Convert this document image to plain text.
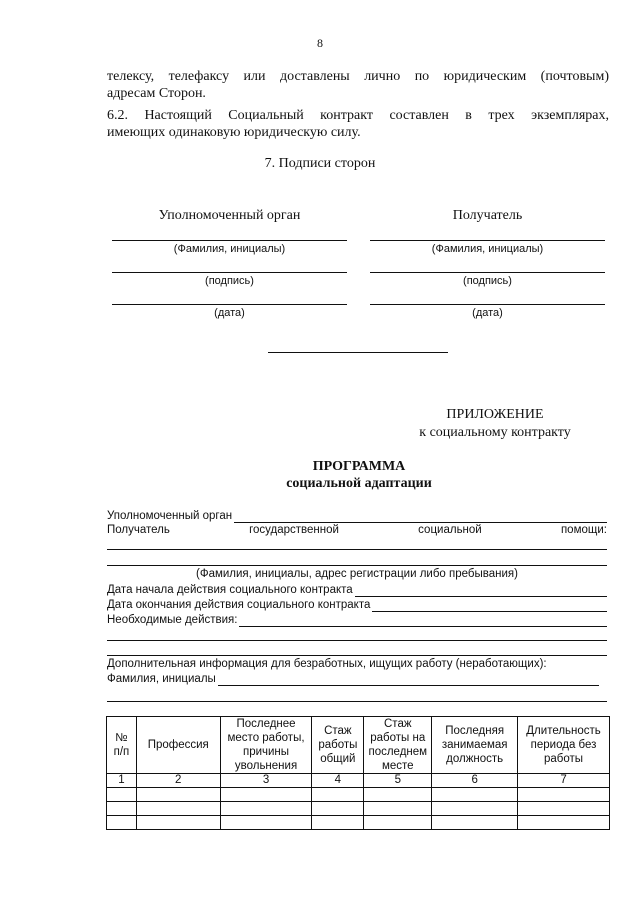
8
телексу, телефаксу или доставлены лично по юридическим (почтовым)
адресам Сторон.
6.2. Настоящий Социальный контракт составлен в трех экземплярах,
имеющих одинаковую юридическую силу.
7. Подписи сторон
Уполномоченный орган
(Фамилия, инициалы)
(подпись)
(дата)
Получатель
(Фамилия, инициалы)
(подпись)
(дата)
ПРИЛОЖЕНИЕ
к социальному контракту
ПРОГРАММА
социальной адаптации
Уполномоченный орган
Получатель	государственной	социальной	помощи:
(Фамилия, инициалы, адрес регистрации либо пребывания)
Дата начала действия социального контракта
Дата окончания действия социального контракта
Необходимые действия:
Дополнительная информация для безработных, ищущих работу (неработающих):
Фамилия, инициалы
№ п/п	Профессия	Последнее место работы, причины увольнения	Стаж работы общий	Стаж работы на последнем месте	Последняя занимаемая должность	Длительность периода без работы
1	2	3	4	5	6	7
